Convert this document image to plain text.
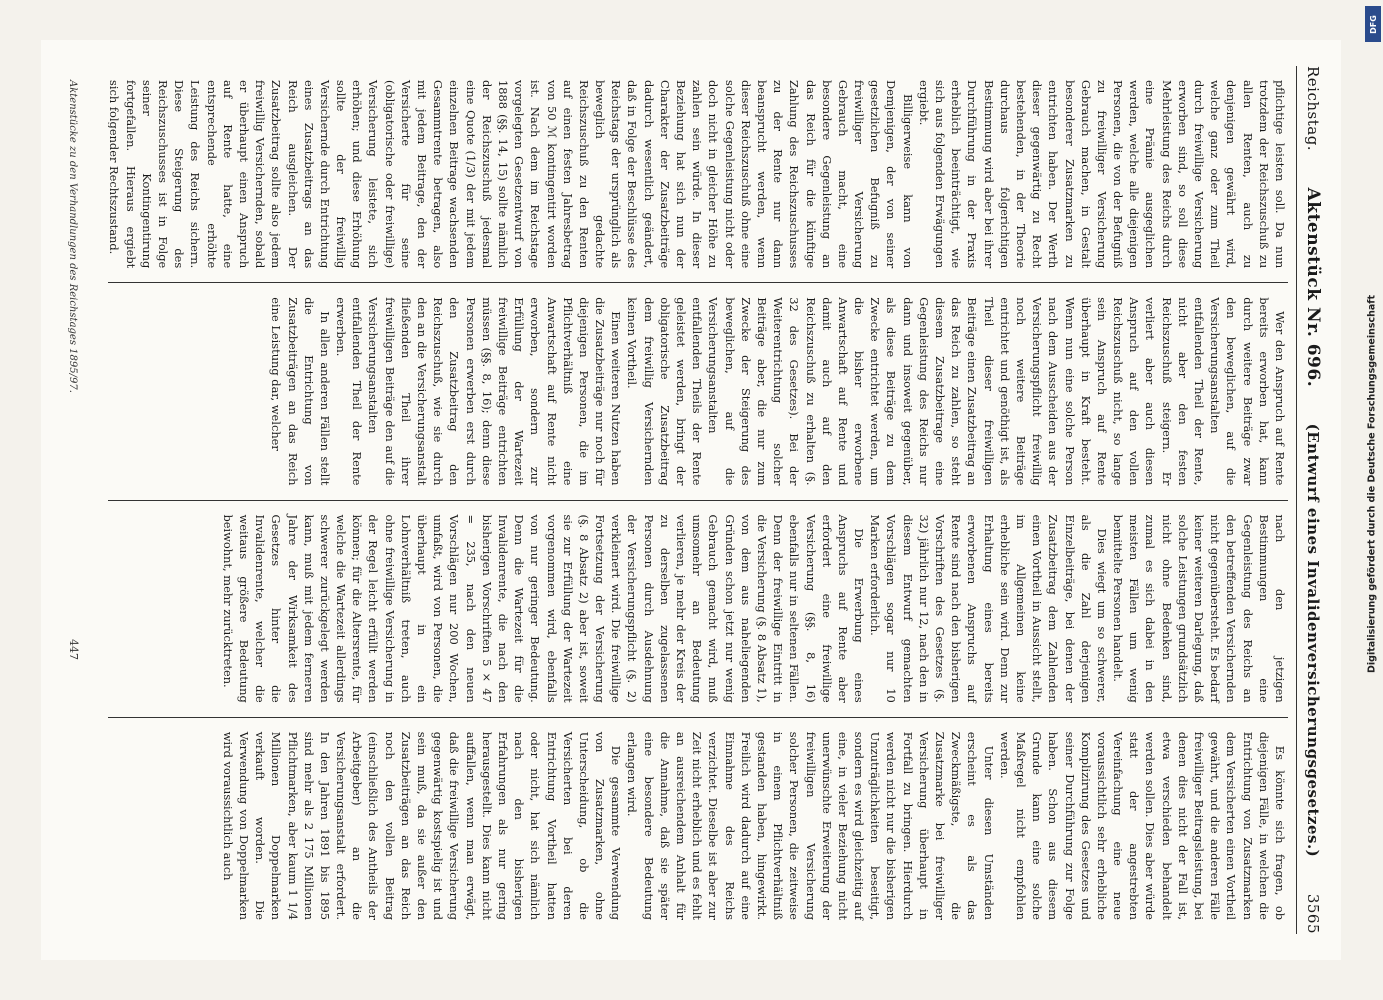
DFG
Digitalisierung gefördert durch die Deutsche Forschungsgemeinschaft
Reichstag.
Aktenstück Nr. 696.
(Entwurf eines Invalidenversicherungsgesetzes.)
3565

pflichtige leisten soll. Da nun trotzdem der Reichszuschuß zu allen Renten, auch zu denjenigen gewährt wird, welche ganz oder zum Theil durch freiwillige Versicherung erworben sind, so soll diese Mehrleistung des Reichs durch eine Prämie ausgeglichen werden, welche alle diejenigen Personen, die von der Befugniß zu freiwilliger Versicherung Gebrauch machen, in Gestalt besonderer Zusatzmarken zu entrichten haben. Der Werth dieser gegenwärtig zu Recht bestehenden, in der Theorie durchaus folgerichtigen Bestimmung wird aber bei ihrer Durchführung in der Praxis erheblich beeinträchtigt, wie sich aus folgenden Erwägungen ergiebt.

Billigerweise kann von Demjenigen, der von seiner gesetzlichen Befugniß zu freiwilliger Versicherung Gebrauch macht, eine besondere Gegenleistung an das Reich für die künftige Zahlung des Reichszuschusses zu der Rente nur dann beansprucht werden, wenn dieser Reichszuschuß ohne eine solche Gegenleistung nicht oder doch nicht in gleicher Höhe zu zahlen sein würde. In dieser Beziehung hat sich nun der Charakter der Zusatzbeiträge dadurch wesentlich geändert, daß in Folge der Beschlüsse des Reichstags der ursprünglich als beweglich gedachte Reichszuschuß zu den Renten auf einen festen Jahresbetrag von 50 ℳ kontingentirt worden ist. Nach dem im Reichstage vorgelegten Gesetzentwurf von 1888 (§§. 14, 15) sollte nämlich der Reichszuschuß jedesmal eine Quote (1/3) der mit jedem einzelnen Beitrage wachsenden Gesammtrente betragen, also mit jedem Beitrage, den der Versicherte für seine (obligatorische oder freiwillige) Versicherung leistete, sich erhöhen; und diese Erhöhung sollte der freiwillig Versichernde durch Entrichtung eines Zusatzbeitrags an das Reich ausgleichen. Der Zusatzbeitrag sollte also jedem freiwillig Versichernden, sobald er überhaupt einen Anspruch auf Rente hatte, eine entsprechende erhöhte Leistung des Reichs sichern. Diese Steigerung des Reichszuschusses ist in Folge seiner Kontingentirung fortgefallen. Hieraus ergiebt sich folgender Rechtszustand.

Wer den Anspruch auf Rente bereits erworben hat, kann durch weitere Beiträge zwar den beweglichen, auf die Versicherungsanstalten entfallenden Theil der Rente, nicht aber den festen Reichszuschuß steigern. Er verliert aber auch diesen Anspruch auf den vollen Reichszuschuß nicht, so lange sein Anspruch auf Rente überhaupt in Kraft besteht. Wenn nun eine solche Person nach dem Ausscheiden aus der Versicherungspflicht freiwillig noch weitere Beiträge entrichtet und genöthigt ist, als Theil dieser freiwilligen Beiträge einen Zusatzbeitrag an das Reich zu zahlen, so steht diesem Zusatzbeitrage eine Gegenleistung des Reichs nur dann und insoweit gegenüber, als diese Beiträge zu dem Zwecke entrichtet werden, um die bisher erworbene Anwartschaft auf Rente und damit auch auf den Reichszuschuß zu erhalten (§. 32 des Gesetzes). Bei der Weiterentrichtung solcher Beiträge aber, die nur zum Zwecke der Steigerung des beweglichen, auf die Versicherungsanstalten entfallenden Theils der Rente geleistet werden, bringt der obligatorische Zusatzbeitrag dem freiwillig Versichernden keinen Vortheil.

Einen weiteren Nutzen haben die Zusatzbeiträge nur noch für diejenigen Personen, die im Pflichtverhältniß eine Anwartschaft auf Rente nicht erworben, sondern zur Erfüllung der Wartezeit freiwillige Beiträge entrichten müssen (§§. 8, 16); denn diese Personen erwerben erst durch den Zusatzbeitrag den Reichszuschuß, wie sie durch den an die Versicherungsanstalt fließenden Theil ihrer freiwilligen Beiträge den auf die Versicherungsanstalten entfallenden Theil der Rente erwerben.

In allen anderen Fällen stellt die Entrichtung von Zusatzbeiträgen an das Reich eine Leistung dar, welcher

nach den jetzigen Bestimmungen eine Gegenleistung des Reichs an den betreffenden Versichernden nicht gegenübersteht. Es bedarf keiner weiteren Darlegung, daß solche Leistungen grundsätzlich nicht ohne Bedenken sind, zumal es sich dabei in den meisten Fällen um wenig bemittelte Personen handelt.

Dies wiegt um so schwerer, als die Zahl derjenigen Einzelbeiträge, bei denen der Zusatzbeitrag dem Zahlenden einen Vortheil in Aussicht stellt, im Allgemeinen keine erhebliche sein wird. Denn zur Erhaltung eines bereits erworbenen Anspruchs auf Rente sind nach den bisherigen Vorschriften des Gesetzes (§. 32) jährlich nur 12, nach den in diesem Entwurf gemachten Vorschlägen sogar nur 10 Marken erforderlich.

Die Erwerbung eines Anspruchs auf Rente aber erfordert eine freiwillige Versicherung (§§. 8, 16) ebenfalls nur in seltenen Fällen. Denn der freiwillige Eintritt in die Versicherung (§. 8 Absatz 1), von dem aus naheliegenden Gründen schon jetzt nur wenig Gebrauch gemacht wird, muß umsomehr an Bedeutung verlieren, je mehr der Kreis der zu derselben zugelassenen Personen durch Ausdehnung der Versicherungspflicht (§. 2) verkleinert wird. Die freiwillige Fortsetzung der Versicherung (§. 8 Absatz 2) aber ist, soweit sie zur Erfüllung der Wartezeit vorgenommen wird, ebenfalls von nur geringer Bedeutung. Denn die Wartezeit für die Invalidenrente, die nach den bisherigen Vorschriften 5 × 47 = 235, nach den neuen Vorschlägen nur 200 Wochen, umfaßt, wird von Personen, die überhaupt in ein Lohnverhältniß treten, auch ohne freiwillige Versicherung in der Regel leicht erfüllt werden können; für die Altersrente, für welche die Wartezeit allerdings schwerer zurückgelegt werden kann, muß mit jedem ferneren Jahre der Wirksamkeit des Gesetzes hinter die Invalidenrente, welcher die weitaus größere Bedeutung beiwohnt, mehr zurücktreten.

Es könnte sich fragen, ob diejenigen Fälle, in welchen die Entrichtung von Zusatzmarken dem Versicherten einen Vortheil gewährt, und die anderen Fälle freiwilliger Beitragsleistung, bei denen dies nicht der Fall ist, etwa verschieden behandelt werden sollen. Dies aber würde statt der angestrebten Vereinfachung eine neue voraussichtlich sehr erhebliche Komplizirung des Gesetzes und seiner Durchführung zur Folge haben. Schon aus diesem Grunde kann eine solche Maßregel nicht empfohlen werden.

Unter diesen Umständen erscheint es als das Zweckmäßigste, die Zusatzmarke bei freiwilliger Versicherung überhaupt in Fortfall zu bringen. Hierdurch werden nicht nur die bisherigen Unzuträglichkeiten beseitigt, sondern es wird gleichzeitig auf eine, in vieler Beziehung nicht unerwünschte Erweiterung der freiwilligen Versicherung solcher Personen, die zeitweise in einem Pflichtverhältniß gestanden haben, hingewirkt. Freilich wird dadurch auf eine Einnahme des Reichs verzichtet. Dieselbe ist aber zur Zeit nicht erheblich und es fehlt an ausreichendem Anhalt für die Annahme, daß sie später eine besondere Bedeutung erlangen wird.

Die gesammte Verwendung von Zusatzmarken, ohne Unterscheidung, ob die Versicherten bei deren Entrichtung Vortheil hatten oder nicht, hat sich nämlich nach den bisherigen Erfahrungen als nur gering herausgestellt. Dies kann nicht auffallen, wenn man erwägt, daß die freiwillige Versicherung gegenwärtig kostspielig ist und sein muß, da sie außer den Zusatzbeiträgen an das Reich noch den vollen Beitrag (einschließlich des Antheils der Arbeitgeber) an die Versicherungsanstalt erfordert. In den Jahren 1891 bis 1895 sind mehr als 2 175 Millionen Pflichtmarken, aber kaum 1 1/4 Millionen Doppelmarken verkauft worden. Die Verwendung von Doppelmarken wird voraussichtlich auch

Aktenstücke zu den Verhandlungen des Reichstages 1895/97.
447
